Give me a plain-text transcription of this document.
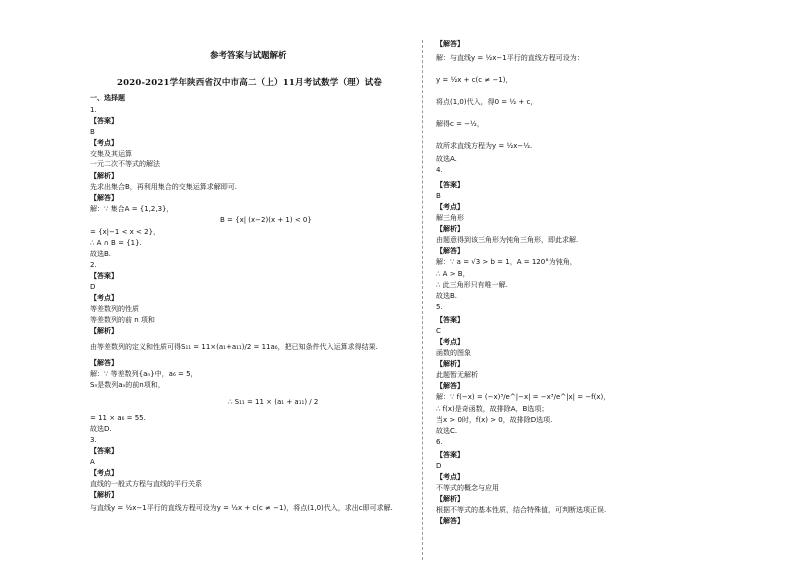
参考答案与试题解析
2020-2021学年陕西省汉中市高二（上）11月考试数学（理）试卷
一、选择题
1.
【答案】
B
【考点】
交集及其运算
一元二次不等式的解法
【解析】
先求出集合B，再利用集合的交集运算求解即可.
【解答】
解：∵ 集合A = {1,2,3}，
B = {x| (x−2)(x + 1) < 0}
= {x|−1 < x < 2}，
∴ A ∩ B = {1}.
故选B.
2.
【答案】
D
【考点】
等差数列的性质
等差数列的前 n 项和
【解析】
由等差数列的定义和性质可得S₁₁ = 11×(a₁+a₁₁)/2 = 11a₆，把已知条件代入运算求得结果.
【解答】
解：∵ 等差数列{aₙ}中，a₆ = 5，
Sₙ是数列aₙ的前n项和，
∴ S₁₁ = 11 × (a₁ + a₁₁) / 2
= 11 × a₆ = 55.
故选D.
3.
【答案】
A
【考点】
直线的一般式方程与直线的平行关系
【解析】
与直线y = ½x−1平行的直线方程可设为y = ½x + c(c ≠ −1)，将点(1,0)代入，求出c即可求解.
【解答】
解：与直线y = ½x−1平行的直线方程可设为：
y = ½x + c(c ≠ −1)，
将点(1,0)代入，得0 = ½ + c，
解得c = −½，
故所求直线方程为y = ½x−½.
故选A.
4.
【答案】
B
【考点】
解三角形
【解析】
由题意得到该三角形为钝角三角形，即此求解.
【解答】
解：∵ a = √3 > b = 1，A = 120°为钝角，
∴ A > B，
∴ 此三角形只有唯一解.
故选B.
5.
【答案】
C
【考点】
函数的图象
【解析】
此题暂无解析
【解答】
解：∵ f(−x) = (−x)³/e^|−x| = −x³/e^|x| = −f(x)，
∴ f(x)是奇函数，故排除A，B选项；
当x > 0时，f(x) > 0，故排除D选项.
故选C.
6.
【答案】
D
【考点】
不等式的概念与应用
【解析】
根据不等式的基本性质，结合特殊值，可判断选项正误.
【解答】
